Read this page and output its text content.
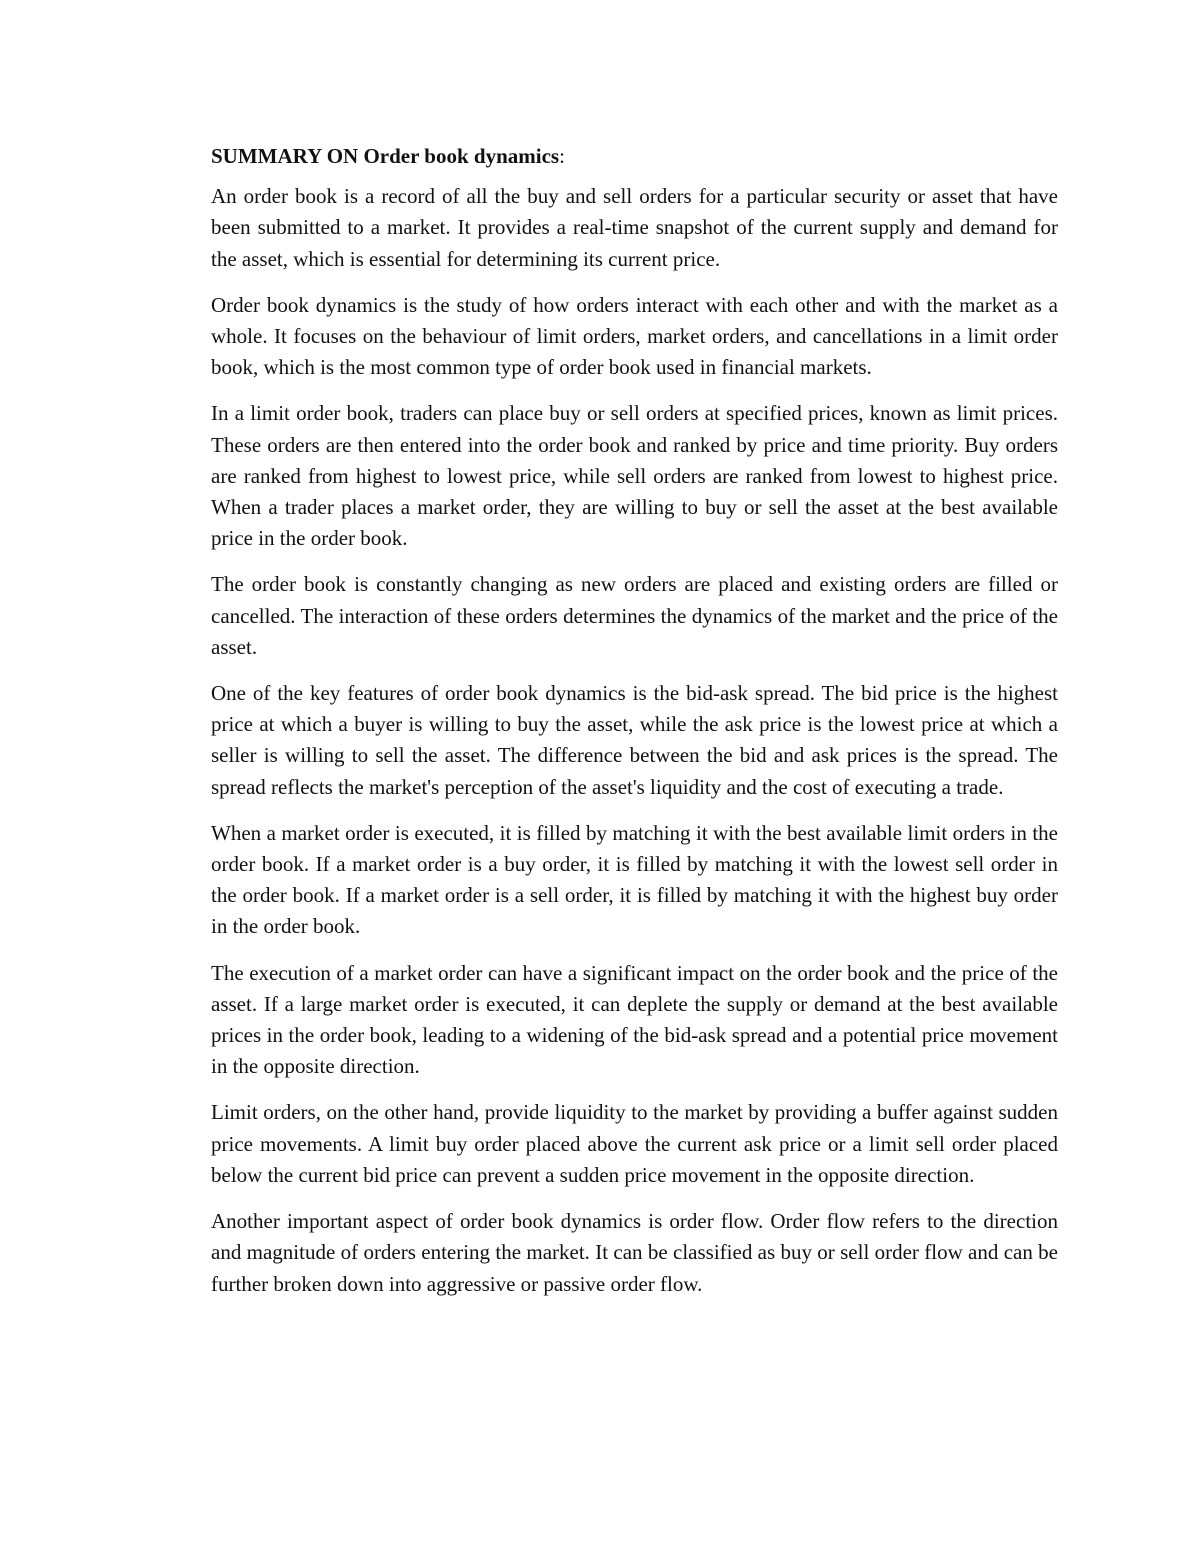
SUMMARY ON Order book dynamics:

An order book is a record of all the buy and sell orders for a particular security or asset that have been submitted to a market. It provides a real-time snapshot of the current supply and demand for the asset, which is essential for determining its current price.

Order book dynamics is the study of how orders interact with each other and with the market as a whole. It focuses on the behaviour of limit orders, market orders, and cancellations in a limit order book, which is the most common type of order book used in financial markets.

In a limit order book, traders can place buy or sell orders at specified prices, known as limit prices. These orders are then entered into the order book and ranked by price and time priority. Buy orders are ranked from highest to lowest price, while sell orders are ranked from lowest to highest price. When a trader places a market order, they are willing to buy or sell the asset at the best available price in the order book.

The order book is constantly changing as new orders are placed and existing orders are filled or cancelled. The interaction of these orders determines the dynamics of the market and the price of the asset.

One of the key features of order book dynamics is the bid-ask spread. The bid price is the highest price at which a buyer is willing to buy the asset, while the ask price is the lowest price at which a seller is willing to sell the asset. The difference between the bid and ask prices is the spread. The spread reflects the market's perception of the asset's liquidity and the cost of executing a trade.

When a market order is executed, it is filled by matching it with the best available limit orders in the order book. If a market order is a buy order, it is filled by matching it with the lowest sell order in the order book. If a market order is a sell order, it is filled by matching it with the highest buy order in the order book.

The execution of a market order can have a significant impact on the order book and the price of the asset. If a large market order is executed, it can deplete the supply or demand at the best available prices in the order book, leading to a widening of the bid-ask spread and a potential price movement in the opposite direction.

Limit orders, on the other hand, provide liquidity to the market by providing a buffer against sudden price movements. A limit buy order placed above the current ask price or a limit sell order placed below the current bid price can prevent a sudden price movement in the opposite direction.

Another important aspect of order book dynamics is order flow. Order flow refers to the direction and magnitude of orders entering the market. It can be classified as buy or sell order flow and can be further broken down into aggressive or passive order flow.
